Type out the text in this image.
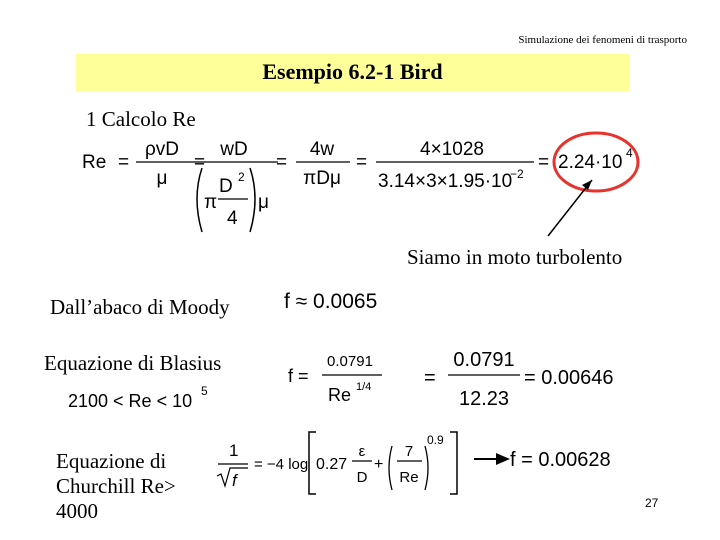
Simulazione dei fenomeni di trasporto
Esempio 6.2-1 Bird
1 Calcolo Re
Re =
ρvD
μ
=
wD
π
D 2
4
μ
=
4w
πDμ
=
4×1028
3.14×3×1.95·10
−2
= 2.24·10 4
Siamo in moto turbolento
Dall’abaco di Moody	f ≈ 0.0065
Equazione di Blasius
2100 < Re < 10 5
f =
0.0791
Re 1/4	=
0.0791
12.23
= 0.00646
Equazione di
Churchill Re>
4000
1
f
= −4 log 0.27
ε
D
+
7
Re
0.9
f = 0.00628
27
